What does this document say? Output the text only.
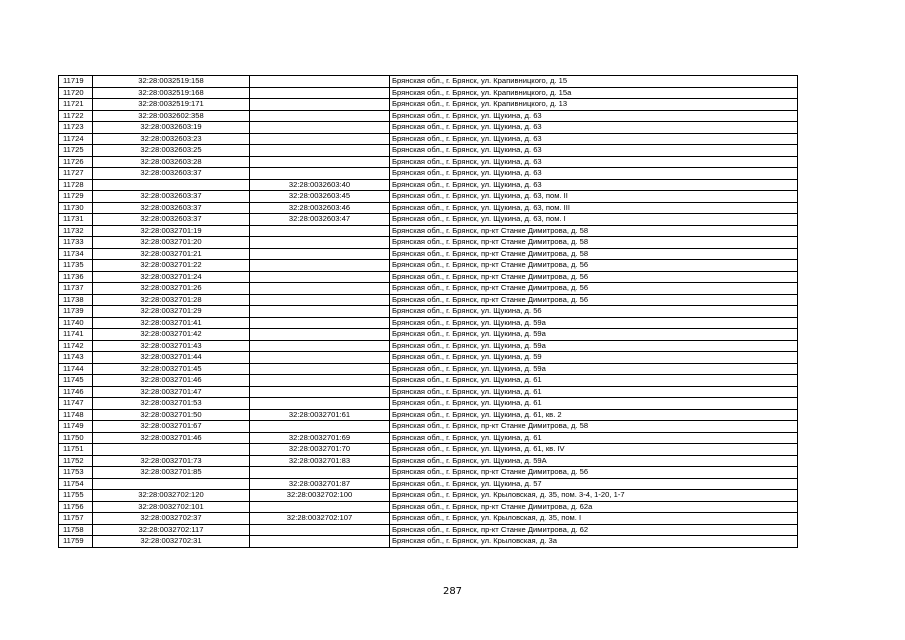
11719	32:28:0032519:158		Брянская обл., г. Брянск, ул. Крапивницкого, д. 15
11720	32:28:0032519:168		Брянская обл., г. Брянск, ул. Крапивницкого, д. 15а
11721	32:28:0032519:171		Брянская обл., г. Брянск, ул. Крапивницкого, д. 13
11722	32:28:0032602:358		Брянская обл., г. Брянск, ул. Щукина, д. 63
11723	32:28:0032603:19		Брянская обл., г. Брянск, ул. Щукина, д. 63
11724	32:28:0032603:23		Брянская обл., г. Брянск, ул. Щукина, д. 63
11725	32:28:0032603:25		Брянская обл., г. Брянск, ул. Щукина, д. 63
11726	32:28:0032603:28		Брянская обл., г. Брянск, ул. Щукина, д. 63
11727	32:28:0032603:37		Брянская обл., г. Брянск, ул. Щукина, д. 63
11728		32:28:0032603:40	Брянская обл., г. Брянск, ул. Щукина, д. 63
11729	32:28:0032603:37	32:28:0032603:45	Брянская обл., г. Брянск, ул. Щукина, д. 63, пом. II
11730	32:28:0032603:37	32:28:0032603:46	Брянская обл., г. Брянск, ул. Щукина, д. 63, пом. III
11731	32:28:0032603:37	32:28:0032603:47	Брянская обл., г. Брянск, ул. Щукина, д. 63, пом. I
11732	32:28:0032701:19		Брянская обл., г. Брянск, пр-кт Станке Димитрова, д. 58
11733	32:28:0032701:20		Брянская обл., г. Брянск, пр-кт Станке Димитрова, д. 58
11734	32:28:0032701:21		Брянская обл., г. Брянск, пр-кт Станке Димитрова, д. 58
11735	32:28:0032701:22		Брянская обл., г. Брянск, пр-кт Станке Димитрова, д. 56
11736	32:28:0032701:24		Брянская обл., г. Брянск, пр-кт Станке Димитрова, д. 56
11737	32:28:0032701:26		Брянская обл., г. Брянск, пр-кт Станке Димитрова, д. 56
11738	32:28:0032701:28		Брянская обл., г. Брянск, пр-кт Станке Димитрова, д. 56
11739	32:28:0032701:29		Брянская обл., г. Брянск, ул. Щукина, д. 56
11740	32:28:0032701:41		Брянская обл., г. Брянск, ул. Щукина, д. 59а
11741	32:28:0032701:42		Брянская обл., г. Брянск, ул. Щукина, д. 59а
11742	32:28:0032701:43		Брянская обл., г. Брянск, ул. Щукина, д. 59а
11743	32:28:0032701:44		Брянская обл., г. Брянск, ул. Щукина, д. 59
11744	32:28:0032701:45		Брянская обл., г. Брянск, ул. Щукина, д. 59а
11745	32:28:0032701:46		Брянская обл., г. Брянск, ул. Щукина, д. 61
11746	32:28:0032701:47		Брянская обл., г. Брянск, ул. Щукина, д. 61
11747	32:28:0032701:53		Брянская обл., г. Брянск, ул. Щукина, д. 61
11748	32:28:0032701:50	32:28:0032701:61	Брянская обл., г. Брянск, ул. Щукина, д. 61, кв. 2
11749	32:28:0032701:67		Брянская обл., г. Брянск, пр-кт Станке Димитрова, д. 58
11750	32:28:0032701:46	32:28:0032701:69	Брянская обл., г. Брянск, ул. Щукина, д. 61
11751		32:28:0032701:70	Брянская обл., г. Брянск, ул. Щукина, д. 61, кв. IV
11752	32:28:0032701:73	32:28:0032701:83	Брянская обл., г. Брянск, ул. Щукина, д. 59А
11753	32:28:0032701:85		Брянская обл., г. Брянск, пр-кт Станке Димитрова, д. 56
11754		32:28:0032701:87	Брянская обл., г. Брянск, ул. Щукина, д. 57
11755	32:28:0032702:120	32:28:0032702:100	Брянская обл., г. Брянск, ул. Крыловская, д. 35, пом. 3-4, 1-20, 1-7
11756	32:28:0032702:101		Брянская обл., г. Брянск, пр-кт Станке Димитрова, д. 62а
11757	32:28:0032702:37	32:28:0032702:107	Брянская обл., г. Брянск, ул. Крыловская, д. 35, пом. I
11758	32:28:0032702:117		Брянская обл., г. Брянск, пр-кт Станке Димитрова, д. 62
11759	32:28:0032702:31		Брянская обл., г. Брянск, ул. Крыловская, д. 3а
287
